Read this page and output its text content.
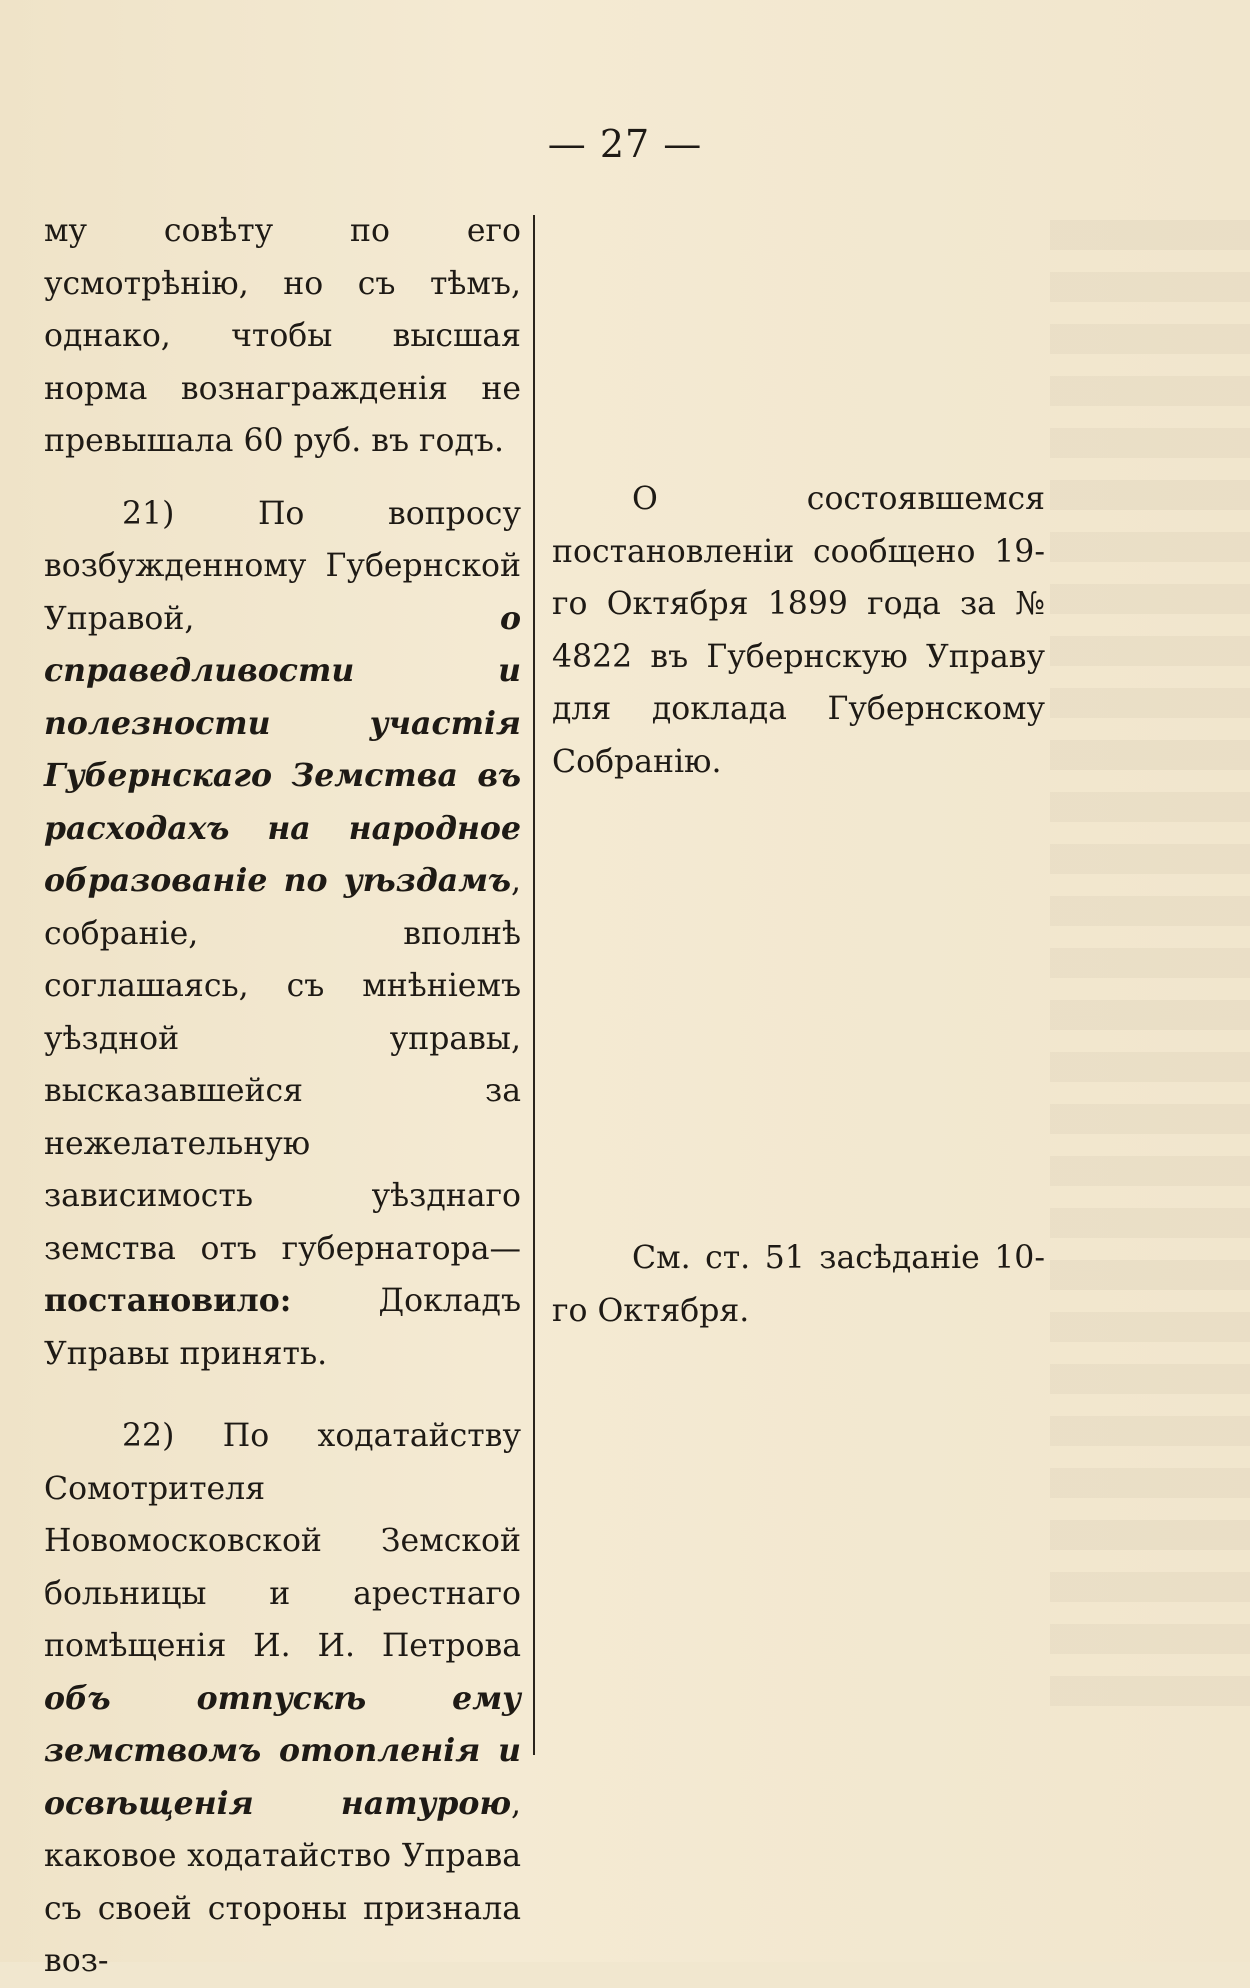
— 27 —

му совѣту по его усмотрѣнію, но съ тѣмъ, однако, чтобы высшая норма вознагражденія не превышала 60 руб. въ годъ.

21) По вопросу возбужденному Губернской Управой, о справедливости и полезности участія Губернскаго Земства въ расходахъ на народное образованіе по уѣздамъ, собраніе, вполнѣ соглашаясь, съ мнѣніемъ уѣздной управы, высказавшейся за нежелательную зависимость уѣзднаго земства отъ губернатора—постановило: Докладъ Управы принять.

22) По ходатайству Сомотрителя Новомосковской Земской больницы и арестнаго помѣщенія И. И. Петрова объ отпускѣ ему земствомъ отопленія и освѣщенія натурою, каковое ходатайство Управа съ своей стороны признала воз-

О состоявшемся постановленіи сообщено 19-го Октября 1899 года за № 4822 въ Губернскую Управу для доклада Губернскому Собранію.

См. ст. 51 засѣданіе 10-го Октября.
